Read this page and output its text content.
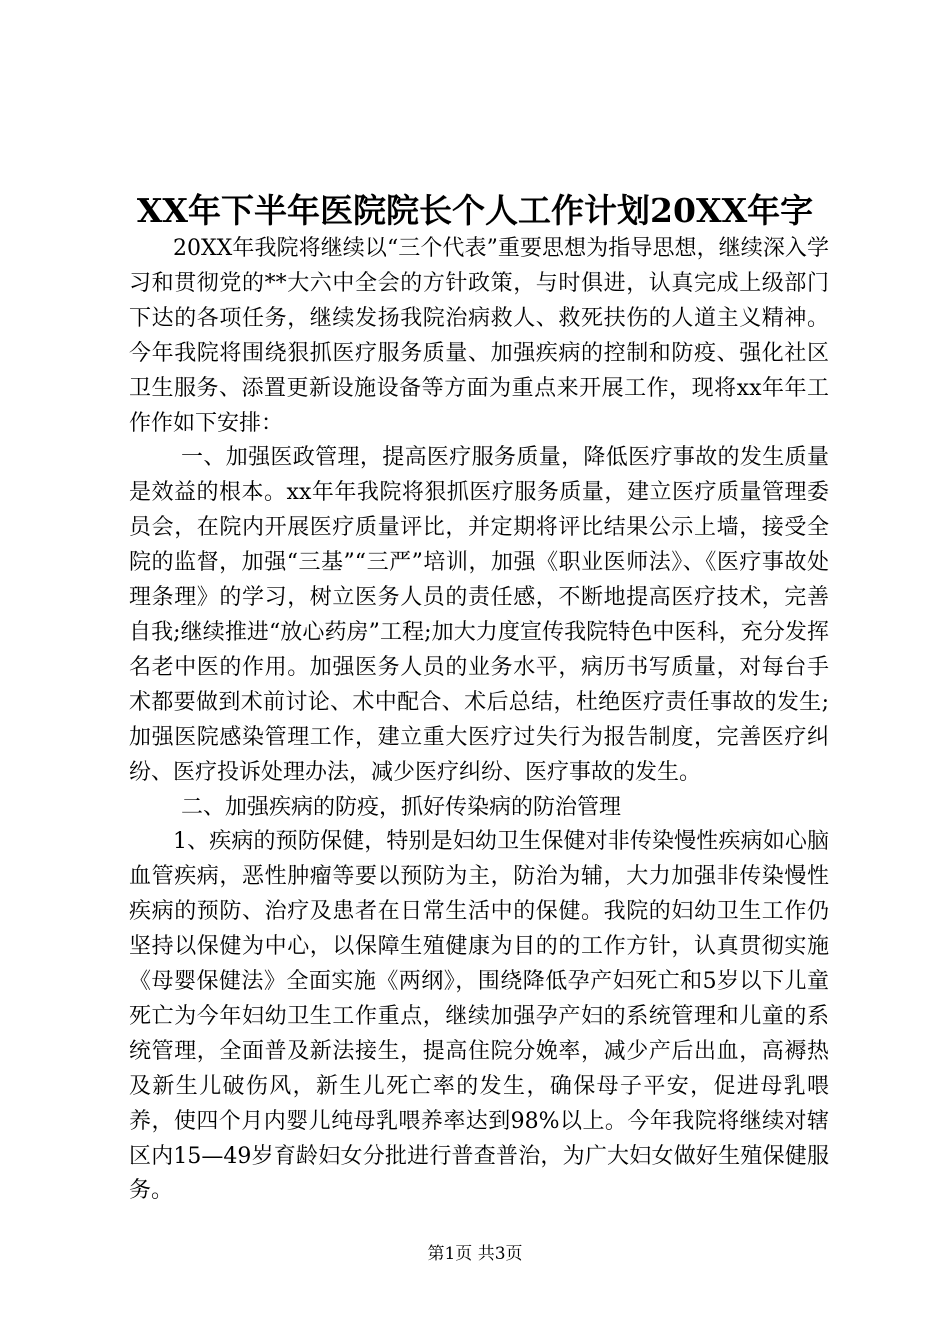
XX年下半年医院院长个人工作计划20XX年字

20XX年我院将继续以“三个代表”重要思想为指导思想，继续深入学习和贯彻党的**大六中全会的方针政策，与时俱进，认真完成上级部门下达的各项任务，继续发扬我院治病救人、救死扶伤的人道主义精神。今年我院将围绕狠抓医疗服务质量、加强疾病的控制和防疫、强化社区卫生服务、添置更新设施设备等方面为重点来开展工作，现将xx年年工作作如下安排：

一、加强医政管理，提高医疗服务质量，降低医疗事故的发生质量是效益的根本。xx年年我院将狠抓医疗服务质量，建立医疗质量管理委员会，在院内开展医疗质量评比，并定期将评比结果公示上墙，接受全院的监督，加强“三基”“三严”培训，加强《职业医师法》、《医疗事故处理条理》的学习，树立医务人员的责任感，不断地提高医疗技术，完善自我;继续推进“放心药房”工程;加大力度宣传我院特色中医科，充分发挥名老中医的作用。加强医务人员的业务水平，病历书写质量，对每台手术都要做到术前讨论、术中配合、术后总结，杜绝医疗责任事故的发生;加强医院感染管理工作，建立重大医疗过失行为报告制度，完善医疗纠纷、医疗投诉处理办法，减少医疗纠纷、医疗事故的发生。

二、加强疾病的防疫，抓好传染病的防治管理

1、疾病的预防保健，特别是妇幼卫生保健对非传染慢性疾病如心脑血管疾病，恶性肿瘤等要以预防为主，防治为辅，大力加强非传染慢性疾病的预防、治疗及患者在日常生活中的保健。我院的妇幼卫生工作仍坚持以保健为中心，以保障生殖健康为目的的工作方针，认真贯彻实施《母婴保健法》全面实施《两纲》，围绕降低孕产妇死亡和5岁以下儿童死亡为今年妇幼卫生工作重点，继续加强孕产妇的系统管理和儿童的系统管理，全面普及新法接生，提高住院分娩率，减少产后出血，高褥热及新生儿破伤风，新生儿死亡率的发生，确保母子平安，促进母乳喂养，使四个月内婴儿纯母乳喂养率达到98%以上。今年我院将继续对辖区内15—49岁育龄妇女分批进行普查普治，为广大妇女做好生殖保健服务。

第1页 共3页
